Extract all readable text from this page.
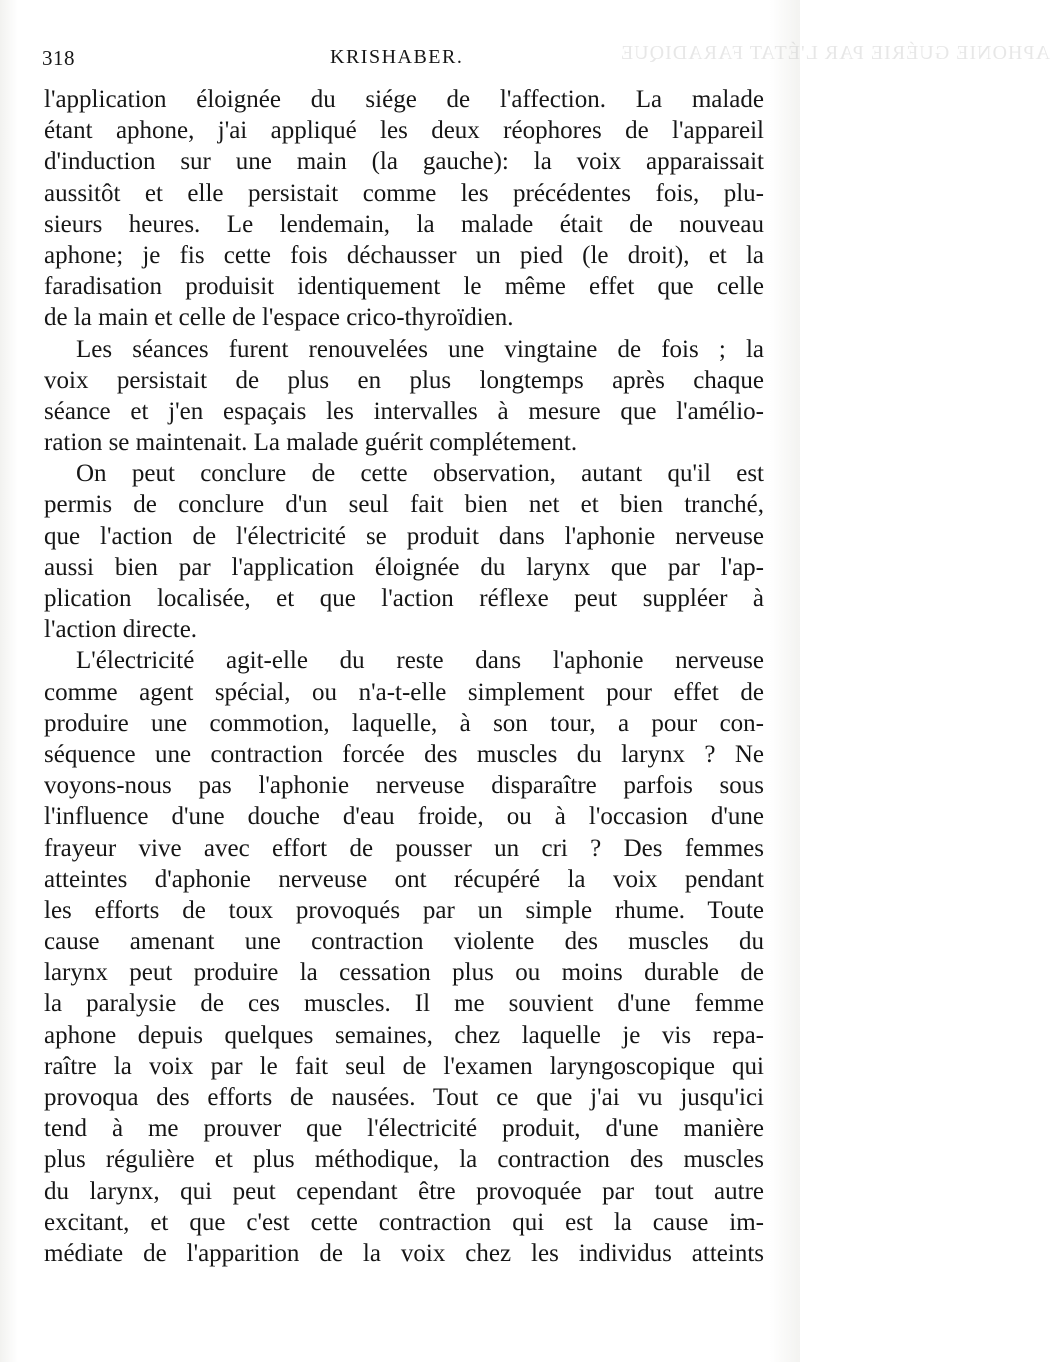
APHONIE GUÉRIE PAR L'ÉTAT FARADIQUE
318	KRISHABER.
l'application éloignée du siége de l'affection. La malade
étant aphone, j'ai appliqué les deux réophores de l'appareil
d'induction sur une main (la gauche): la voix apparaissait
aussitôt et elle persistait comme les précédentes fois, plu-
sieurs heures. Le lendemain, la malade était de nouveau
aphone; je fis cette fois déchausser un pied (le droit), et la
faradisation produisit identiquement le même effet que celle
de la main et celle de l'espace crico-thyroïdien.
Les séances furent renouvelées une vingtaine de fois ; la
voix persistait de plus en plus longtemps après chaque
séance et j'en espaçais les intervalles à mesure que l'amélio-
ration se maintenait. La malade guérit complétement.
On peut conclure de cette observation, autant qu'il est
permis de conclure d'un seul fait bien net et bien tranché,
que l'action de l'électricité se produit dans l'aphonie nerveuse
aussi bien par l'application éloignée du larynx que par l'ap-
plication localisée, et que l'action réflexe peut suppléer à
l'action directe.
L'électricité agit-elle du reste dans l'aphonie nerveuse
comme agent spécial, ou n'a-t-elle simplement pour effet de
produire une commotion, laquelle, à son tour, a pour con-
séquence une contraction forcée des muscles du larynx ? Ne
voyons-nous pas l'aphonie nerveuse disparaître parfois sous
l'influence d'une douche d'eau froide, ou à l'occasion d'une
frayeur vive avec effort de pousser un cri ? Des femmes
atteintes d'aphonie nerveuse ont récupéré la voix pendant
les efforts de toux provoqués par un simple rhume. Toute
cause amenant une contraction violente des muscles du
larynx peut produire la cessation plus ou moins durable de
la paralysie de ces muscles. Il me souvient d'une femme
aphone depuis quelques semaines, chez laquelle je vis repa-
raître la voix par le fait seul de l'examen laryngoscopique qui
provoqua des efforts de nausées. Tout ce que j'ai vu jusqu'ici
tend à me prouver que l'électricité produit, d'une manière
plus régulière et plus méthodique, la contraction des muscles
du larynx, qui peut cependant être provoquée par tout autre
excitant, et que c'est cette contraction qui est la cause im-
médiate de l'apparition de la voix chez les individus atteints
